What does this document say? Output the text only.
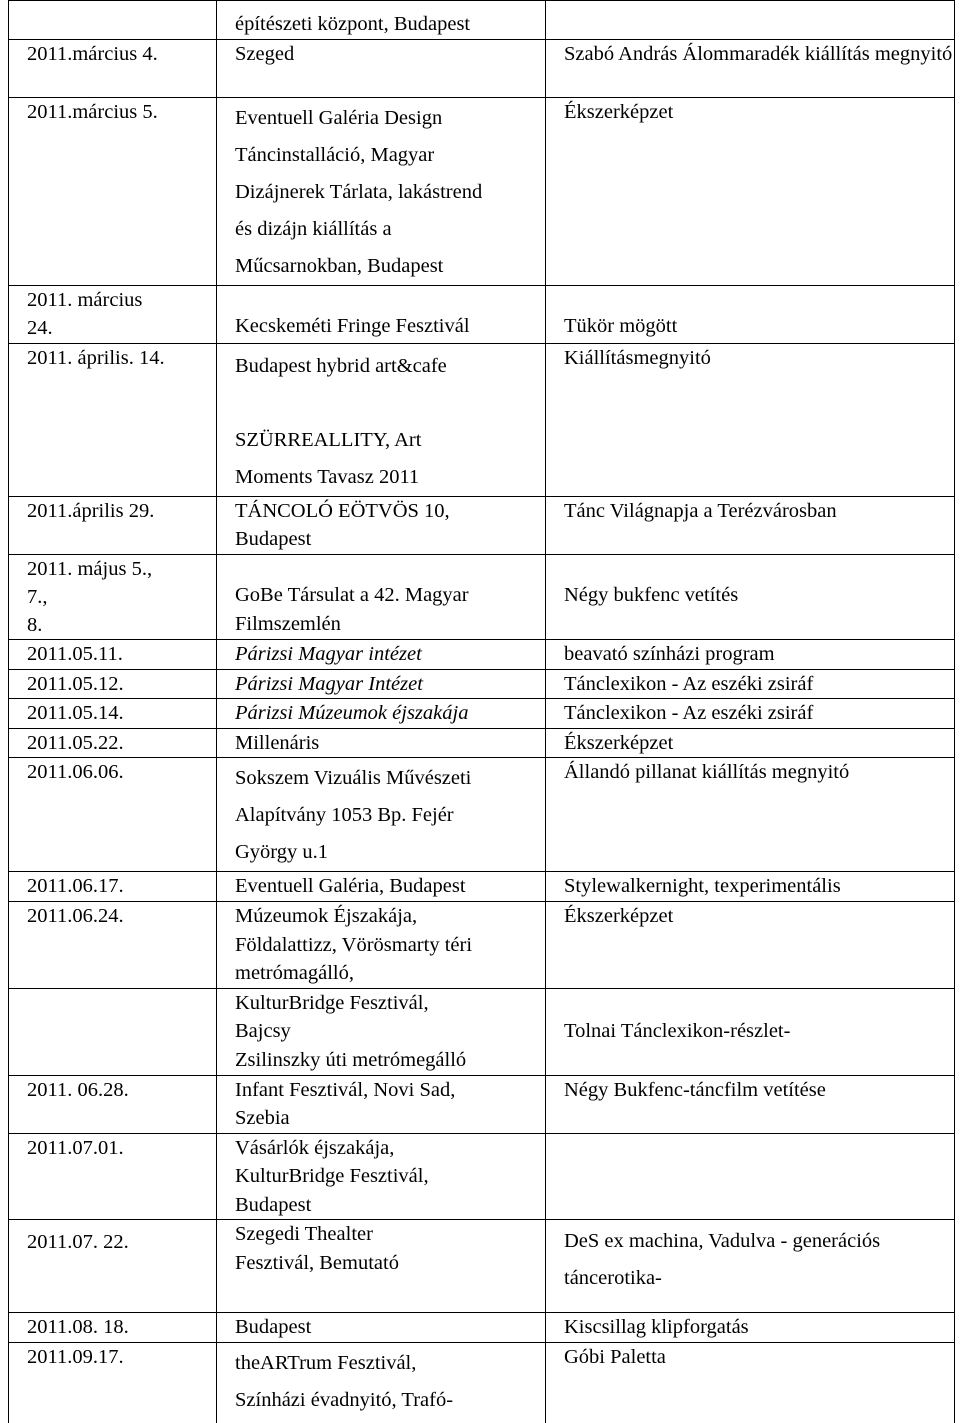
	építészeti központ, Budapest	
2011.március 4.	Szeged	Szabó András Álommaradék kiállítás megnyitó
2011.március 5.	Eventuell Galéria Design
Táncinstalláció, Magyar
Dizájnerek Tárlata, lakástrend
és dizájn kiállítás a
Műcsarnokban, Budapest	Ékszerképzet
2011. március
24.	Kecskeméti Fringe Fesztivál	Tükör mögött
2011. április. 14.	Budapest hybrid art&cafe

SZÜRREALLITY, Art
Moments Tavasz 2011	Kiállításmegnyitó
2011.április 29.	TÁNCOLÓ EÖTVÖS 10,
Budapest	Tánc Világnapja a Terézvárosban
2011. május 5.,
7.,
8.	GoBe Társulat a 42. Magyar
Filmszemlén	Négy bukfenc vetítés
2011.05.11.	Párizsi Magyar intézet	beavató színházi program
2011.05.12.	Párizsi Magyar Intézet	Tánclexikon - Az eszéki zsiráf
2011.05.14.	Párizsi Múzeumok éjszakája	Tánclexikon - Az eszéki zsiráf
2011.05.22.	Millenáris	Ékszerképzet
2011.06.06.	Sokszem Vizuális Művészeti
Alapítvány 1053 Bp. Fejér
György u.1	Állandó pillanat kiállítás megnyitó
2011.06.17.	Eventuell Galéria, Budapest	Stylewalkernight, texperimentális
2011.06.24.	Múzeumok Éjszakája,
Földalattizz, Vörösmarty téri
metrómagálló,	Ékszerképzet
	KulturBridge Fesztivál,
Bajcsy
Zsilinszky úti metrómegálló	Tolnai Tánclexikon-részlet-
2011. 06.28.	Infant Fesztivál, Novi Sad,
Szebia	Négy Bukfenc-táncfilm vetítése
2011.07.01.	Vásárlók éjszakája,
KulturBridge Fesztivál,
Budapest	
2011.07. 22.	Szegedi Thealter
Fesztivál, Bemutató	DeS ex machina, Vadulva - generációs
táncerotika-
2011.08. 18.	Budapest	Kiscsillag klipforgatás
2011.09.17.	theARTrum Fesztivál,
Színházi évadnyitó, Trafó-	Góbi Paletta
